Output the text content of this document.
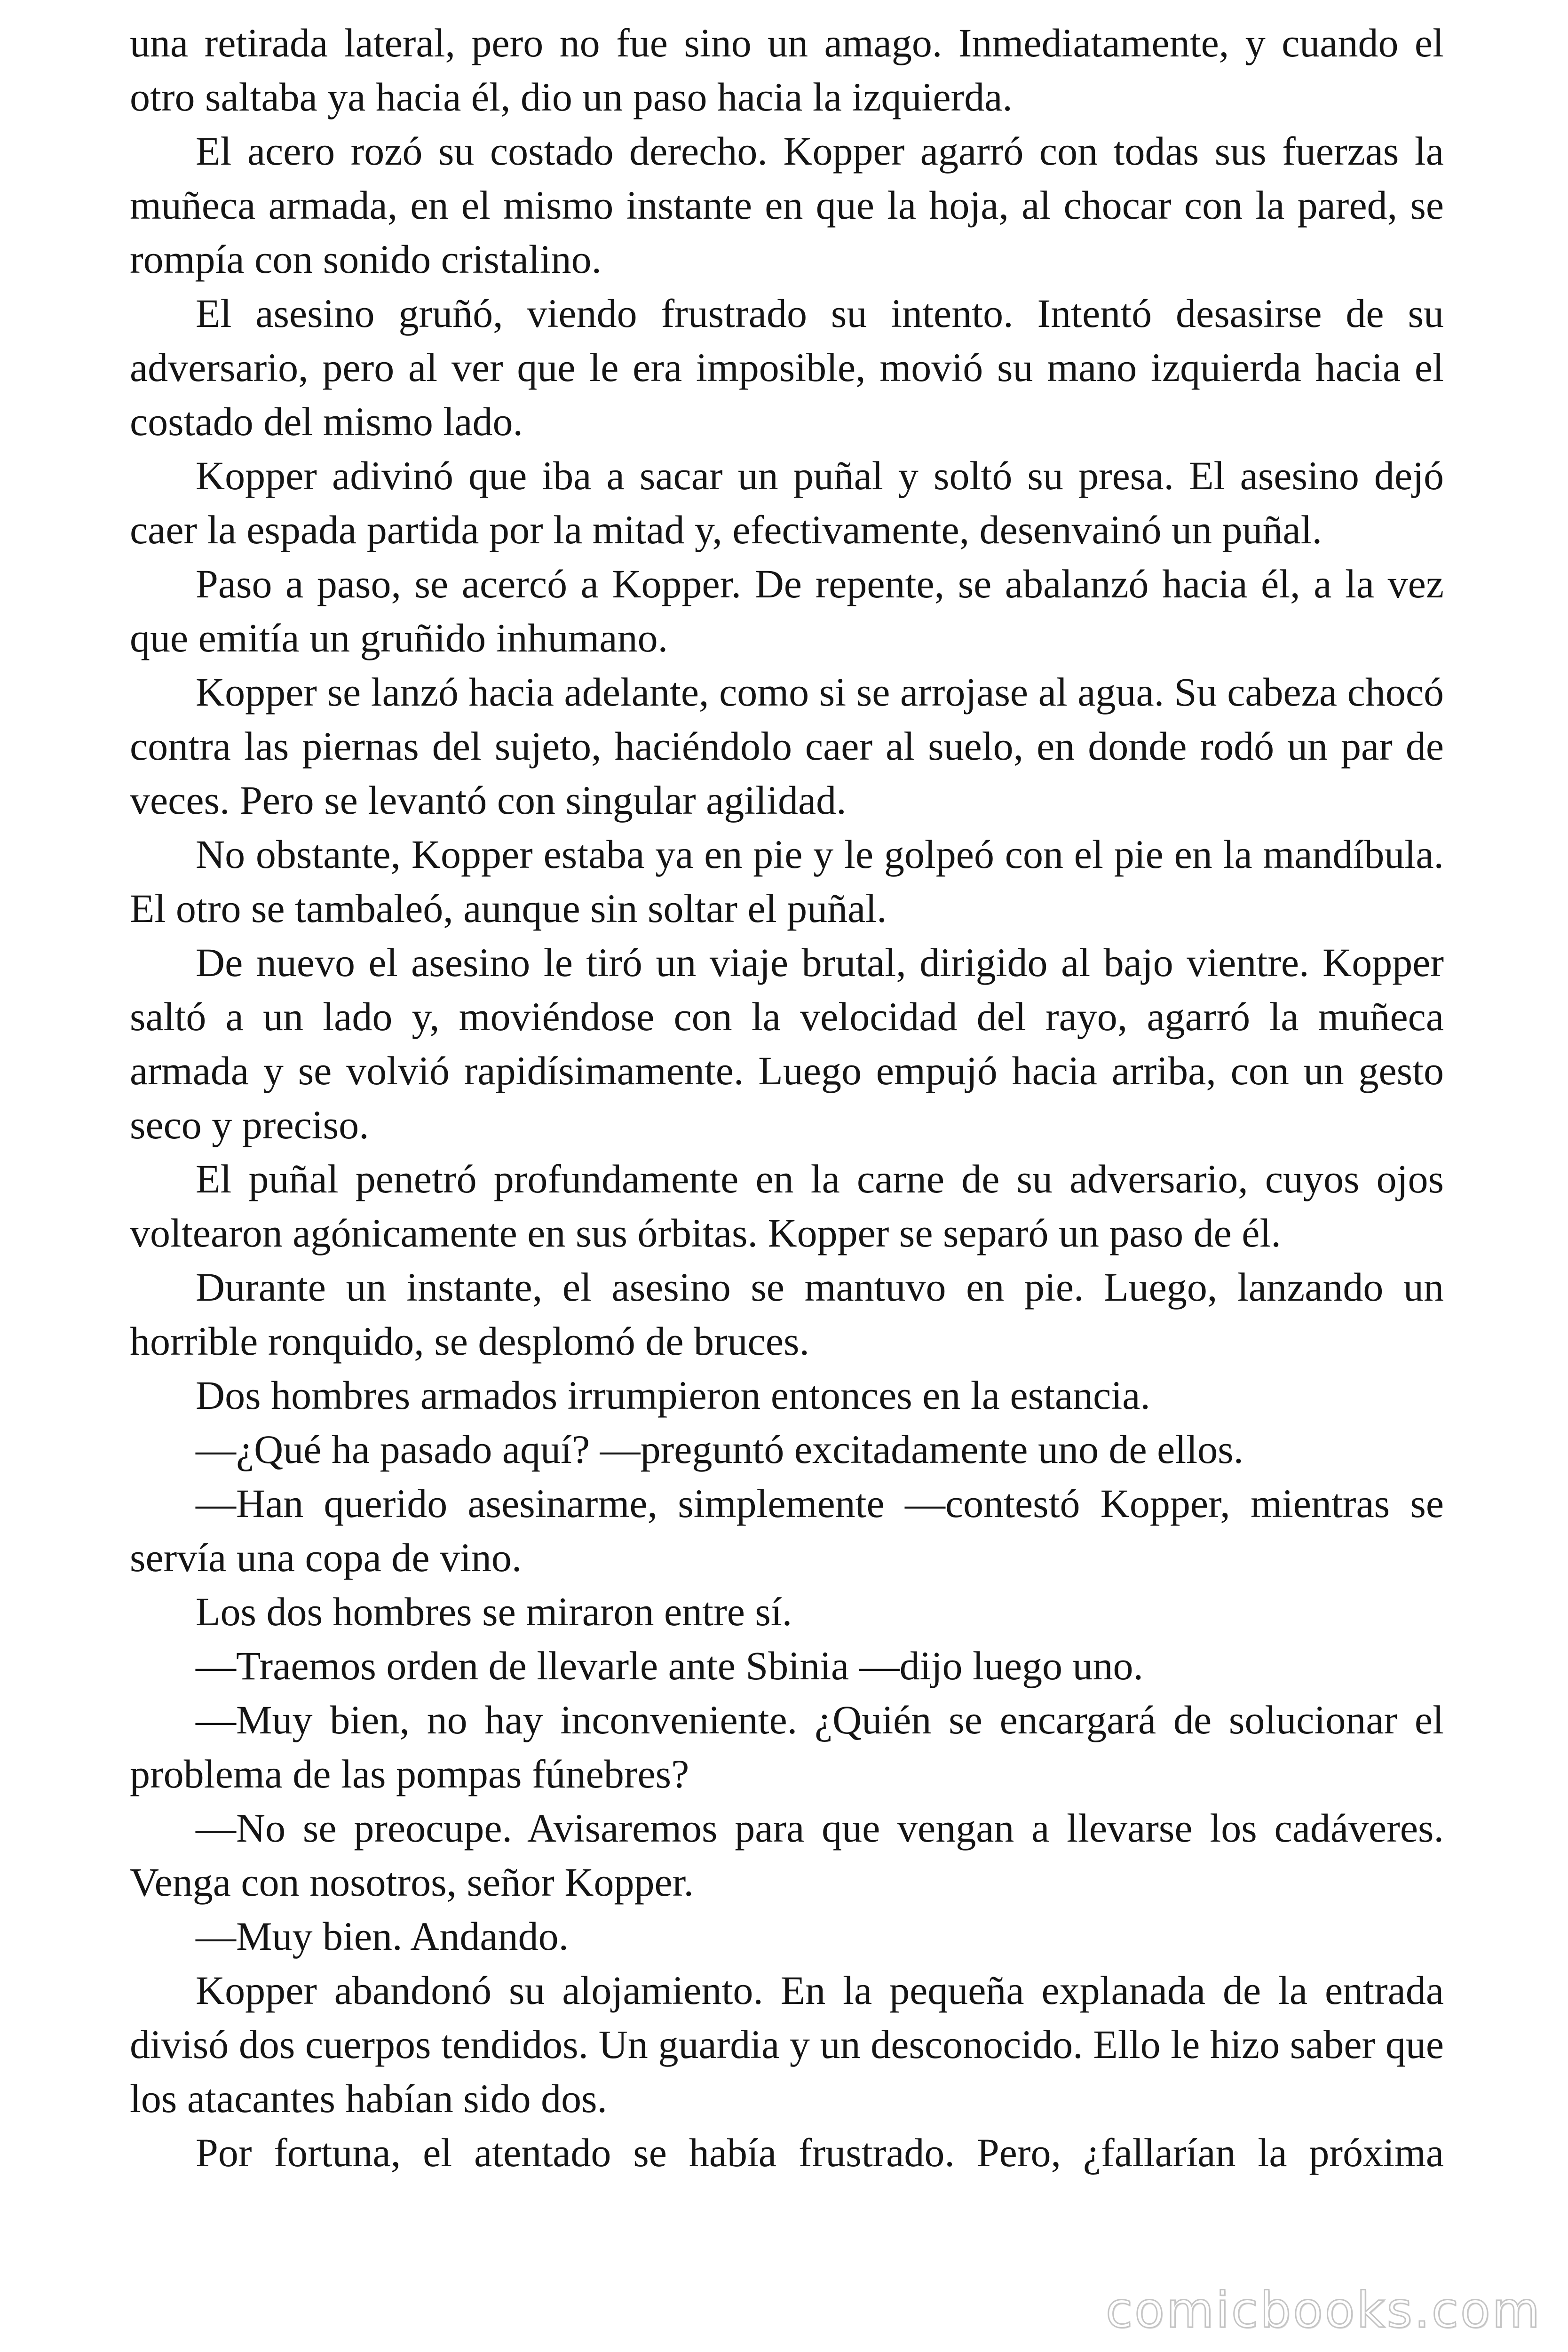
una retirada lateral, pero no fue sino un amago. Inmediatamente, y cuando el otro saltaba ya hacia él, dio un paso hacia la izquierda.

El acero rozó su costado derecho. Kopper agarró con todas sus fuerzas la muñeca armada, en el mismo instante en que la hoja, al chocar con la pared, se rompía con sonido cristalino.

El asesino gruñó, viendo frustrado su intento. Intentó desasirse de su adversario, pero al ver que le era imposible, movió su mano izquierda hacia el costado del mismo lado.

Kopper adivinó que iba a sacar un puñal y soltó su presa. El asesino dejó caer la espada partida por la mitad y, efectivamente, desenvainó un puñal.

Paso a paso, se acercó a Kopper. De repente, se abalanzó hacia él, a la vez que emitía un gruñido inhumano.

Kopper se lanzó hacia adelante, como si se arrojase al agua. Su cabeza chocó contra las piernas del sujeto, haciéndolo caer al suelo, en donde rodó un par de veces. Pero se levantó con singular agilidad.

No obstante, Kopper estaba ya en pie y le golpeó con el pie en la mandíbula. El otro se tambaleó, aunque sin soltar el puñal.

De nuevo el asesino le tiró un viaje brutal, dirigido al bajo vientre. Kopper saltó a un lado y, moviéndose con la velocidad del rayo, agarró la muñeca armada y se volvió rapidísimamente. Luego empujó hacia arriba, con un gesto seco y preciso.

El puñal penetró profundamente en la carne de su adversario, cuyos ojos voltearon agónicamente en sus órbitas. Kopper se separó un paso de él.

Durante un instante, el asesino se mantuvo en pie. Luego, lanzando un horrible ronquido, se desplomó de bruces.

Dos hombres armados irrumpieron entonces en la estancia.

—¿Qué ha pasado aquí? —preguntó excitadamente uno de ellos.

—Han querido asesinarme, simplemente —contestó Kopper, mientras se servía una copa de vino.

Los dos hombres se miraron entre sí.

—Traemos orden de llevarle ante Sbinia —dijo luego uno.

—Muy bien, no hay inconveniente. ¿Quién se encargará de solucionar el problema de las pompas fúnebres?

—No se preocupe. Avisaremos para que vengan a llevarse los cadáveres. Venga con nosotros, señor Kopper.

—Muy bien. Andando.

Kopper abandonó su alojamiento. En la pequeña explanada de la entrada divisó dos cuerpos tendidos. Un guardia y un desconocido. Ello le hizo saber que los atacantes habían sido dos.

Por fortuna, el atentado se había frustrado. Pero, ¿fallarían la próxima

comicbooks.com
